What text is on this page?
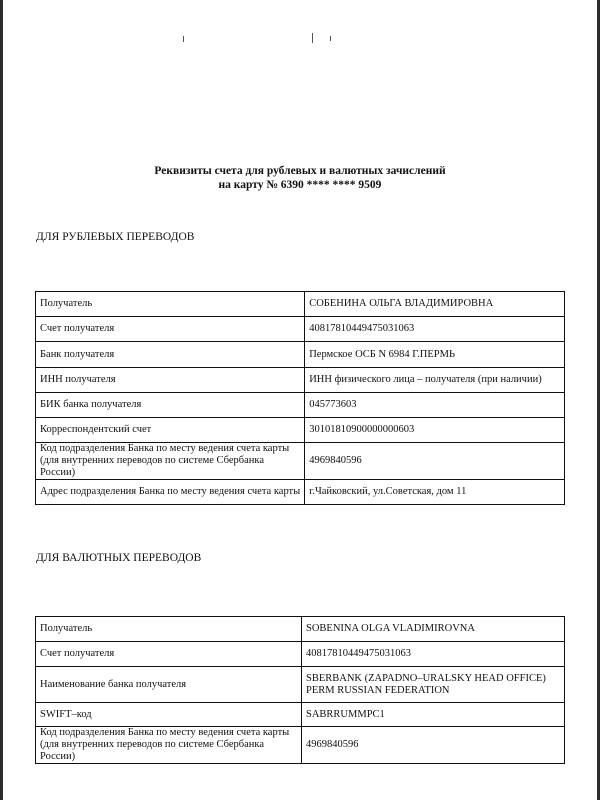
Реквизиты счета для рублевых и валютных зачислений
на карту № 6390 **** **** 9509
ДЛЯ РУБЛЕВЫХ ПЕРЕВОДОВ
Получатель	СОБЕНИНА ОЛЬГА ВЛАДИМИРОВНА
Счет получателя	40817810449475031063
Банк получателя	Пермское ОСБ N 6984 Г.ПЕРМЬ
ИНН получателя	ИНН физического лица – получателя (при наличии)
БИК банка получателя	045773603
Корреспондентский счет	30101810900000000603

Код подразделения Банка по месту ведения счета карты
(для внутренних переводов по системе Сбербанка России)	4969840596
Адрес подразделения Банка по месту ведения счета карты	г.Чайковский, ул.Советская, дом 11
ДЛЯ ВАЛЮТНЫХ ПЕРЕВОДОВ
Получатель	SOBENINA OLGA VLADIMIROVNA
Счет получателя	40817810449475031063
Наименование банка получателя	SBERBANK (ZAPADNO–URALSKY HEAD OFFICE)
PERM RUSSIAN FEDERATION

SWIFT–код	SABRRUMMPC1

Код подразделения Банка по месту ведения счета карты
(для внутренних переводов по системе Сбербанка России)	4969840596
